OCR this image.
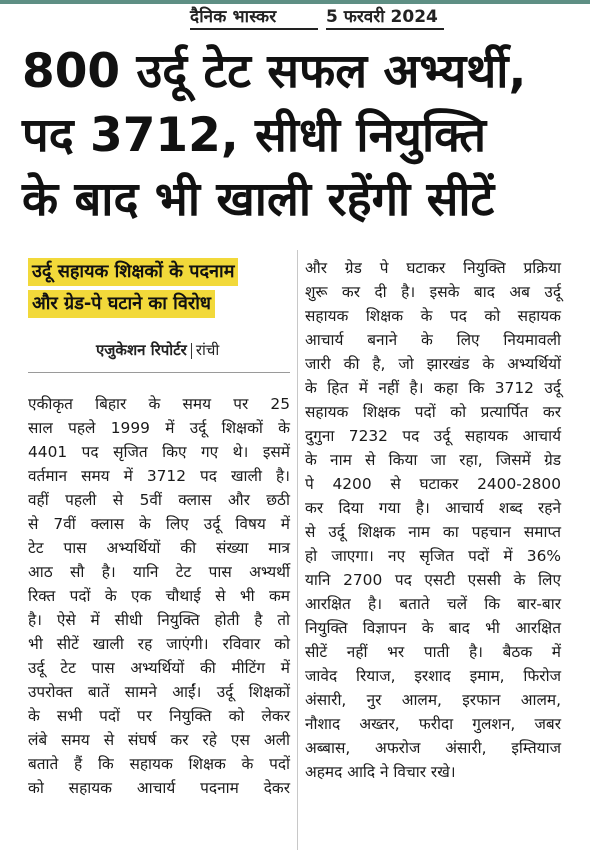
दैनिक भास्कर	5 फरवरी 2024
800 उर्दू टेट सफल अभ्यर्थी,
पद 3712, सीधी नियुक्ति
के बाद भी खाली रहेंगी सीटें
उर्दू सहायक शिक्षकों के पदनाम
और ग्रेड-पे घटाने का विरोध
एजुकेशन रिपोर्टर रांची

एकीकृत बिहार के समय पर 25

साल पहले 1999 में उर्दू शिक्षकों के

4401 पद सृजित किए गए थे। इसमें

वर्तमान समय में 3712 पद खाली है।

वहीं पहली से 5वीं क्लास और छठी

से 7वीं क्लास के लिए उर्दू विषय में

टेट पास अभ्यर्थियों की संख्या मात्र

आठ सौ है। यानि टेट पास अभ्यर्थी

रिक्त पदों के एक चौथाई से भी कम

है। ऐसे में सीधी नियुक्ति होती है तो

भी सीटें खाली रह जाएंगी। रविवार को

उर्दू टेट पास अभ्यर्थियों की मीटिंग में

उपरोक्त बातें सामने आईं। उर्दू शिक्षकों

के सभी पदों पर नियुक्ति को लेकर

लंबे समय से संघर्ष कर रहे एस अली

बताते हैं कि सहायक शिक्षक के पदों

को सहायक आचार्य पदनाम देकर

और ग्रेड पे घटाकर नियुक्ति प्रक्रिया

शुरू कर दी है। इसके बाद अब उर्दू

सहायक शिक्षक के पद को सहायक

आचार्य बनाने के लिए नियमावली

जारी की है, जो झारखंड के अभ्यर्थियों

के हित में नहीं है। कहा कि 3712 उर्दू

सहायक शिक्षक पदों को प्रत्यार्पित कर

दुगुना 7232 पद उर्दू सहायक आचार्य

के नाम से किया जा रहा, जिसमें ग्रेड

पे 4200 से घटाकर 2400-2800

कर दिया गया है। आचार्य शब्द रहने

से उर्दू शिक्षक नाम का पहचान समाप्त

हो जाएगा। नए सृजित पदों में 36%

यानि 2700 पद एसटी एससी के लिए

आरक्षित है। बताते चलें कि बार-बार

नियुक्ति विज्ञापन के बाद भी आरक्षित

सीटें नहीं भर पाती है। बैठक में

जावेद रियाज, इरशाद इमाम, फिरोज

अंसारी, नुर आलम, इरफान आलम,

नौशाद अख्तर, फरीदा गुलशन, जबर

अब्बास, अफरोज अंसारी, इम्तियाज

अहमद आदि ने विचार रखे।
